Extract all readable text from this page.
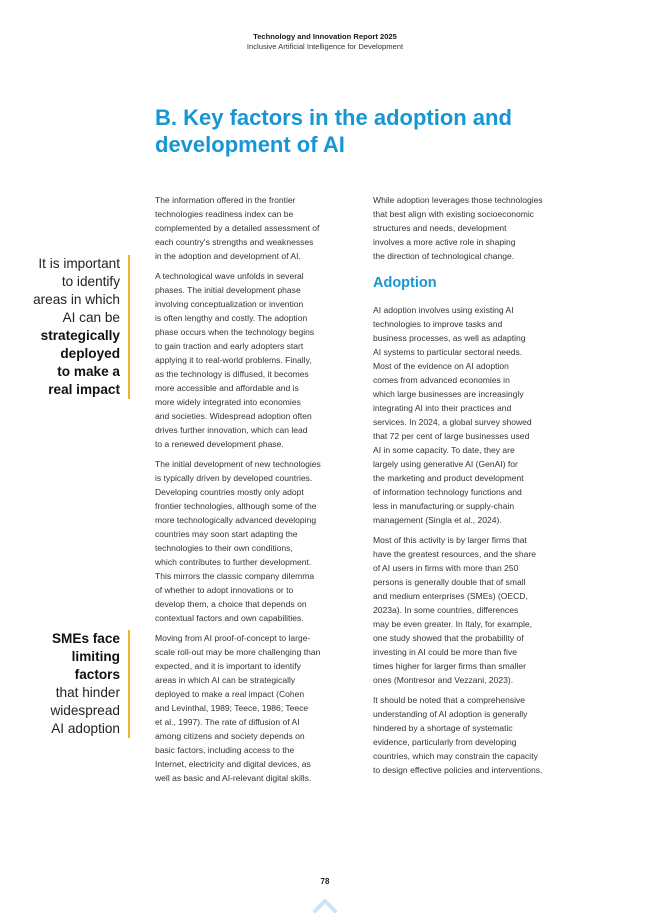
Technology and Innovation Report 2025
Inclusive Artificial Intelligence for Development
B. Key factors in the adoption and development of AI
It is important
to identify
areas in which
AI can be
strategically
deployed
to make a
real impact
SMEs face
limiting
factors
that hinder
widespread
AI adoption

The information offered in the frontier
technologies readiness index can be
complemented by a detailed assessment of
each country's strengths and weaknesses
in the adoption and development of AI.

A technological wave unfolds in several
phases. The initial development phase
involving conceptualization or invention
is often lengthy and costly. The adoption
phase occurs when the technology begins
to gain traction and early adopters start
applying it to real-world problems. Finally,
as the technology is diffused, it becomes
more accessible and affordable and is
more widely integrated into economies
and societies. Widespread adoption often
drives further innovation, which can lead
to a renewed development phase.

The initial development of new technologies
is typically driven by developed countries.
Developing countries mostly only adopt
frontier technologies, although some of the
more technologically advanced developing
countries may soon start adapting the
technologies to their own conditions,
which contributes to further development.
This mirrors the classic company dilemma
of whether to adopt innovations or to
develop them, a choice that depends on
contextual factors and own capabilities.

Moving from AI proof-of-concept to large-
scale roll-out may be more challenging than
expected, and it is important to identify
areas in which AI can be strategically
deployed to make a real impact (Cohen
and Levinthal, 1989; Teece, 1986; Teece
et al., 1997). The rate of diffusion of AI
among citizens and society depends on
basic factors, including access to the
Internet, electricity and digital devices, as
well as basic and AI-relevant digital skills.

While adoption leverages those technologies
that best align with existing socioeconomic
structures and needs, development
involves a more active role in shaping
the direction of technological change.

Adoption

AI adoption involves using existing AI
technologies to improve tasks and
business processes, as well as adapting
AI systems to particular sectoral needs.
Most of the evidence on AI adoption
comes from advanced economies in
which large businesses are increasingly
integrating AI into their practices and
services. In 2024, a global survey showed
that 72 per cent of large businesses used
AI in some capacity. To date, they are
largely using generative AI (GenAI) for
the marketing and product development
of information technology functions and
less in manufacturing or supply-chain
management (Singla et al., 2024).

Most of this activity is by larger firms that
have the greatest resources, and the share
of AI users in firms with more than 250
persons is generally double that of small
and medium enterprises (SMEs) (OECD,
2023a). In some countries, differences
may be even greater. In Italy, for example,
one study showed that the probability of
investing in AI could be more than five
times higher for larger firms than smaller
ones (Montresor and Vezzani, 2023).

It should be noted that a comprehensive
understanding of AI adoption is generally
hindered by a shortage of systematic
evidence, particularly from developing
countries, which may constrain the capacity
to design effective policies and interventions.

78
